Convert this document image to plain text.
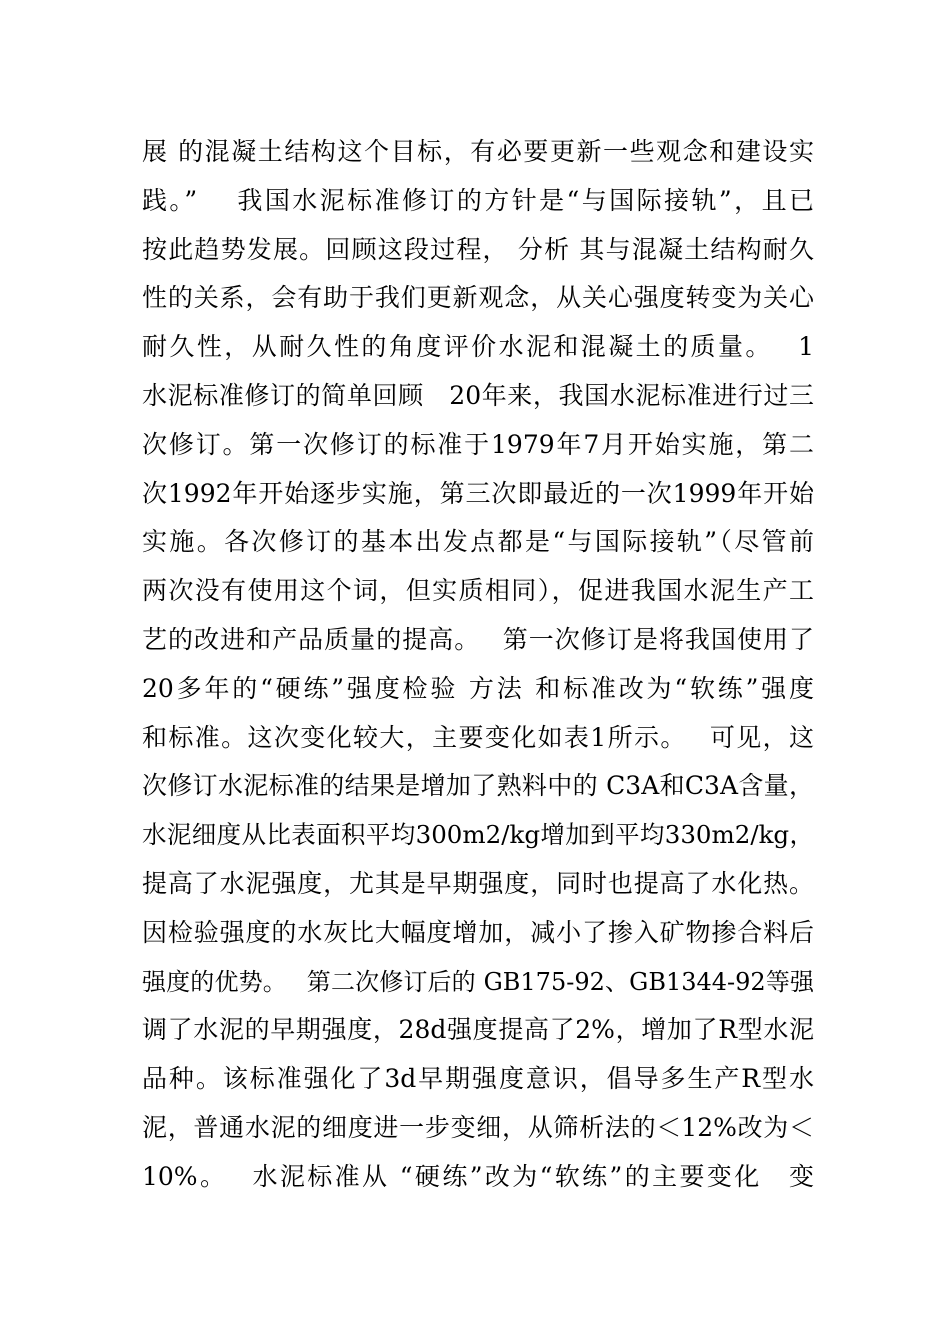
展 的混凝土结构这个目标，有必要更新一些观念和建设实
践。”　 我国水泥标准修订的方针是“与国际接轨”，且已
按此趋势发展。回顾这段过程， 分析 其与混凝土结构耐久
性的关系，会有助于我们更新观念，从关心强度转变为关心
耐久性，从耐久性的角度评价水泥和混凝土的质量。　 1
水泥标准修订的简单回顾　20年来，我国水泥标准进行过三
次修订。第一次修订的标准于1979年7月开始实施，第二
次1992年开始逐步实施，第三次即最近的一次1999年开始
实施。各次修订的基本出发点都是“与国际接轨”（尽管前
两次没有使用这个词，但实质相同），促进我国水泥生产工
艺的改进和产品质量的提高。　 第一次修订是将我国使用了
20多年的“硬练”强度检验 方法 和标准改为“软练”强度
和标准。这次变化较大，主要变化如表1所示。　 可见，这
次修订水泥标准的结果是增加了熟料中的 C3A和C3A含量，
水泥细度从比表面积平均300m2/kg增加到平均330m2/kg，
提高了水泥强度，尤其是早期强度，同时也提高了水化热。
因检验强度的水灰比大幅度增加，减小了掺入矿物掺合料后
强度的优势。　 第二次修订后的 GB175-92、GB1344-92等强
调了水泥的早期强度，28d强度提高了2%，增加了R型水泥
品种。该标准强化了3d早期强度意识，倡导多生产R型水
泥，普通水泥的细度进一步变细，从筛析法的＜12%改为＜
10%。　 水泥标准从 “硬练”改为“软练”的主要变化　变
